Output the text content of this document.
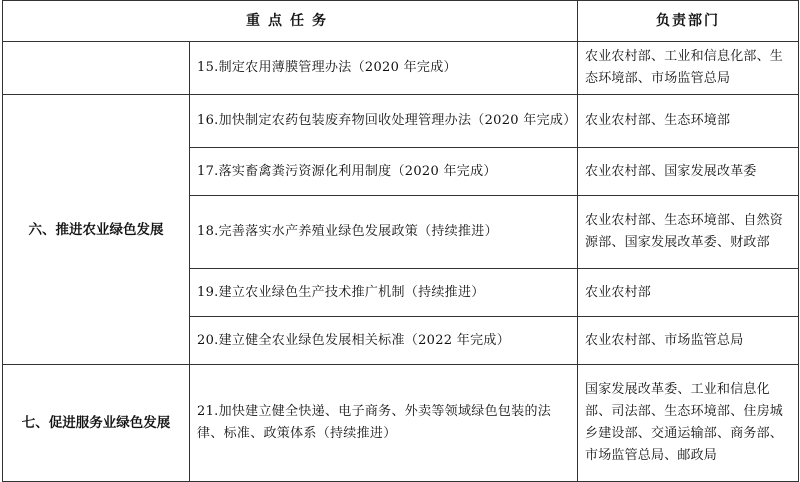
重点任务		负责部门
	15.制定农用薄膜管理办法（2020 年完成）	农业农村部、工业和信息化部、生态环境部、市场监管总局
六、推进农业绿色发展	16.加快制定农药包装废弃物回收处理管理办法（2020 年完成）	农业农村部、生态环境部
	17.落实畜禽粪污资源化利用制度（2020 年完成）	农业农村部、国家发展改革委
	18.完善落实水产养殖业绿色发展政策（持续推进）	农业农村部、生态环境部、自然资源部、国家发展改革委、财政部
	19.建立农业绿色生产技术推广机制（持续推进）	农业农村部
	20.建立健全农业绿色发展相关标准（2022 年完成）	农业农村部、市场监管总局
七、促进服务业绿色发展	21.加快建立健全快递、电子商务、外卖等领域绿色包装的法律、标准、政策体系（持续推进）	国家发展改革委、工业和信息化部、司法部、生态环境部、住房城乡建设部、交通运输部、商务部、市场监管总局、邮政局
